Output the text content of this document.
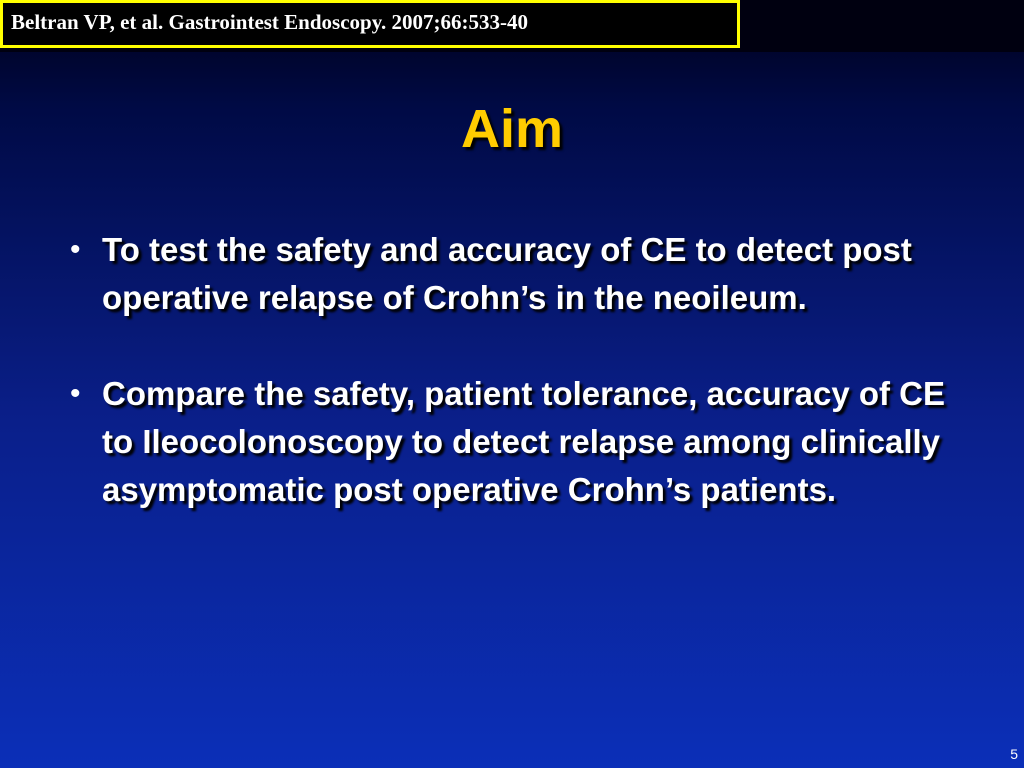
Beltran VP, et al. Gastrointest Endoscopy. 2007;66:533-40
Aim
• To test the safety and accuracy of CE to detect post operative relapse of Crohn’s in the neoileum.
• Compare the safety, patient tolerance, accuracy of CE to Ileocolonoscopy to detect relapse among clinically asymptomatic post operative Crohn’s patients.
5
